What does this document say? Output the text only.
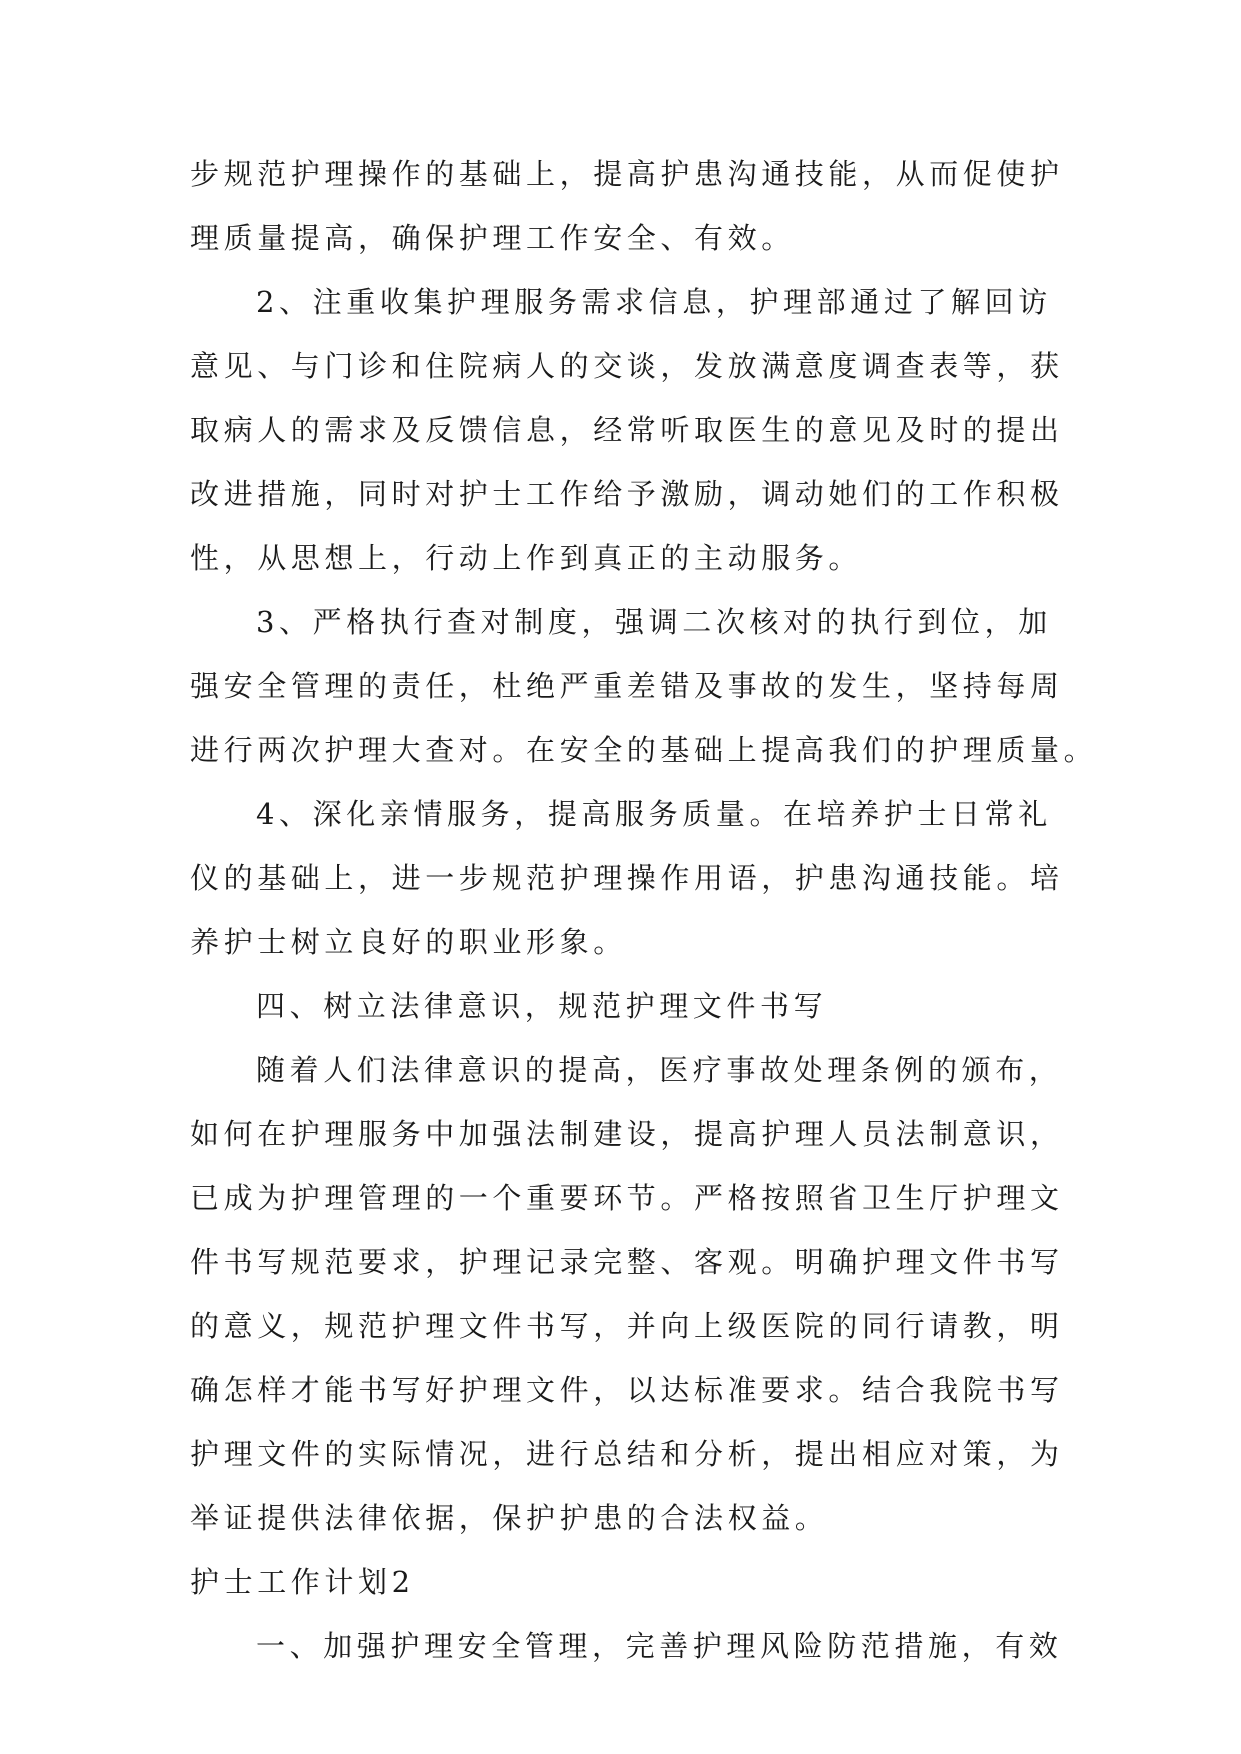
步规范护理操作的基础上，提高护患沟通技能，从而促使护
理质量提高，确保护理工作安全、有效。
2、注重收集护理服务需求信息，护理部通过了解回访
意见、与门诊和住院病人的交谈，发放满意度调查表等，获
取病人的需求及反馈信息，经常听取医生的意见及时的提出
改进措施，同时对护士工作给予激励，调动她们的工作积极
性，从思想上，行动上作到真正的主动服务。
3、严格执行查对制度，强调二次核对的执行到位，加
强安全管理的责任，杜绝严重差错及事故的发生，坚持每周
进行两次护理大查对。在安全的基础上提高我们的护理质量。
4、深化亲情服务，提高服务质量。在培养护士日常礼
仪的基础上，进一步规范护理操作用语，护患沟通技能。培
养护士树立良好的职业形象。
四、树立法律意识，规范护理文件书写
随着人们法律意识的提高，医疗事故处理条例的颁布，
如何在护理服务中加强法制建设，提高护理人员法制意识，
已成为护理管理的一个重要环节。严格按照省卫生厅护理文
件书写规范要求，护理记录完整、客观。明确护理文件书写
的意义，规范护理文件书写，并向上级医院的同行请教，明
确怎样才能书写好护理文件，以达标准要求。结合我院书写
护理文件的实际情况，进行总结和分析，提出相应对策，为
举证提供法律依据，保护护患的合法权益。
护士工作计划2
一、加强护理安全管理，完善护理风险防范措施，有效
